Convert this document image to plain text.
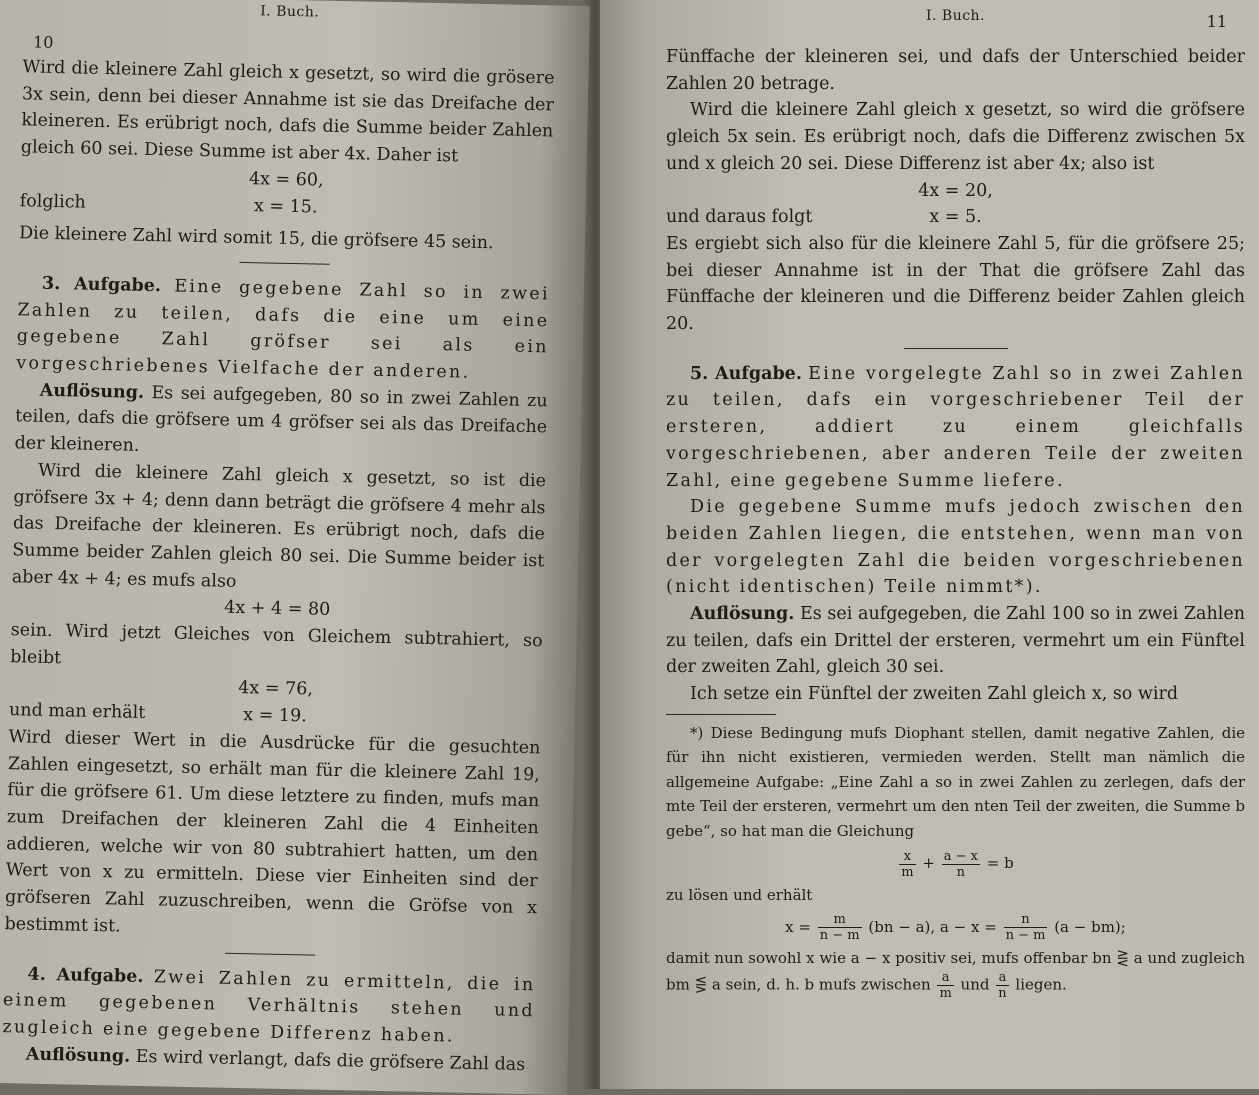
10
I. Buch.

Wird die kleinere Zahl gleich x gesetzt, so wird die grösere 3x sein, denn bei dieser Annahme ist sie das Dreifache der kleineren. Es erübrigt noch, dafs die Summe beider Zahlen gleich 60 sei. Diese Summe ist aber 4x. Daher ist

4x = 60,
folglich	x = 15.

Die kleinere Zahl wird somit 15, die gröfsere 45 sein.

3. Aufgabe. Eine gegebene Zahl so in zwei Zahlen zu teilen, dafs die eine um eine gegebene Zahl gröfser sei als ein vorgeschriebenes Vielfache der anderen.

Auflösung. Es sei aufgegeben, 80 so in zwei Zahlen zu teilen, dafs die gröfsere um 4 gröfser sei als das Dreifache der kleineren.

Wird die kleinere Zahl gleich x gesetzt, so ist die gröfsere 3x + 4; denn dann beträgt die gröfsere 4 mehr als das Dreifache der kleineren. Es erübrigt noch, dafs die Summe beider Zahlen gleich 80 sei. Die Summe beider ist aber 4x + 4; es mufs also

4x + 4 = 80

sein. Wird jetzt Gleiches von Gleichem subtrahiert, so bleibt

4x = 76,
und man erhält	x = 19.

Wird dieser Wert in die Ausdrücke für die gesuchten Zahlen eingesetzt, so erhält man für die kleinere Zahl 19, für die gröfsere 61. Um diese letztere zu finden, mufs man zum Dreifachen der kleineren Zahl die 4 Einheiten addieren, welche wir von 80 subtrahiert hatten, um den Wert von x zu ermitteln. Diese vier Einheiten sind der gröfseren Zahl zuzuschreiben, wenn die Gröfse von x bestimmt ist.

4. Aufgabe. Zwei Zahlen zu ermitteln, die in einem gegebenen Verhältnis stehen und zugleich eine gegebene Differenz haben.

Auflösung. Es wird verlangt, dafs die gröfsere Zahl das

11
I. Buch.

Fünffache der kleineren sei, und dafs der Unterschied beider Zahlen 20 betrage.

Wird die kleinere Zahl gleich x gesetzt, so wird die gröfsere gleich 5x sein. Es erübrigt noch, dafs die Differenz zwischen 5x und x gleich 20 sei. Diese Differenz ist aber 4x; also ist

4x = 20,
und daraus folgt	x = 5.

Es ergiebt sich also für die kleinere Zahl 5, für die gröfsere 25; bei dieser Annahme ist in der That die gröfsere Zahl das Fünffache der kleineren und die Differenz beider Zahlen gleich 20.

5. Aufgabe. Eine vorgelegte Zahl so in zwei Zahlen zu teilen, dafs ein vorgeschriebener Teil der ersteren, addiert zu einem gleichfalls vorgeschriebenen, aber anderen Teile der zweiten Zahl, eine gegebene Summe liefere.

Die gegebene Summe mufs jedoch zwischen den beiden Zahlen liegen, die entstehen, wenn man von der vorgelegten Zahl die beiden vorgeschriebenen (nicht identischen) Teile nimmt*).

Auflösung. Es sei aufgegeben, die Zahl 100 so in zwei Zahlen zu teilen, dafs ein Drittel der ersteren, vermehrt um ein Fünftel der zweiten Zahl, gleich 30 sei.

Ich setze ein Fünftel der zweiten Zahl gleich x, so wird

*) Diese Bedingung mufs Diophant stellen, damit negative Zahlen, die für ihn nicht existieren, vermieden werden. Stellt man nämlich die allgemeine Aufgabe: „Eine Zahl a so in zwei Zahlen zu zerlegen, dafs der mte Teil der ersteren, vermehrt um den nten Teil der zweiten, die Summe b gebe“, so hat man die Gleichung

$\frac{x}{m} + \frac{a - x}{n} = b$

zu lösen und erhält

$x = \frac{m}{n - m} (bn - a)$, $a - x = \frac{n}{n - m} (a - bm)$;

damit nun sowohl x wie a − x positiv sei, mufs offenbar bn ⋛ a und zugleich bm ⋚ a sein, d. h. b mufs zwischen $\frac{a}{m}$ und $\frac{a}{n}$ liegen.
